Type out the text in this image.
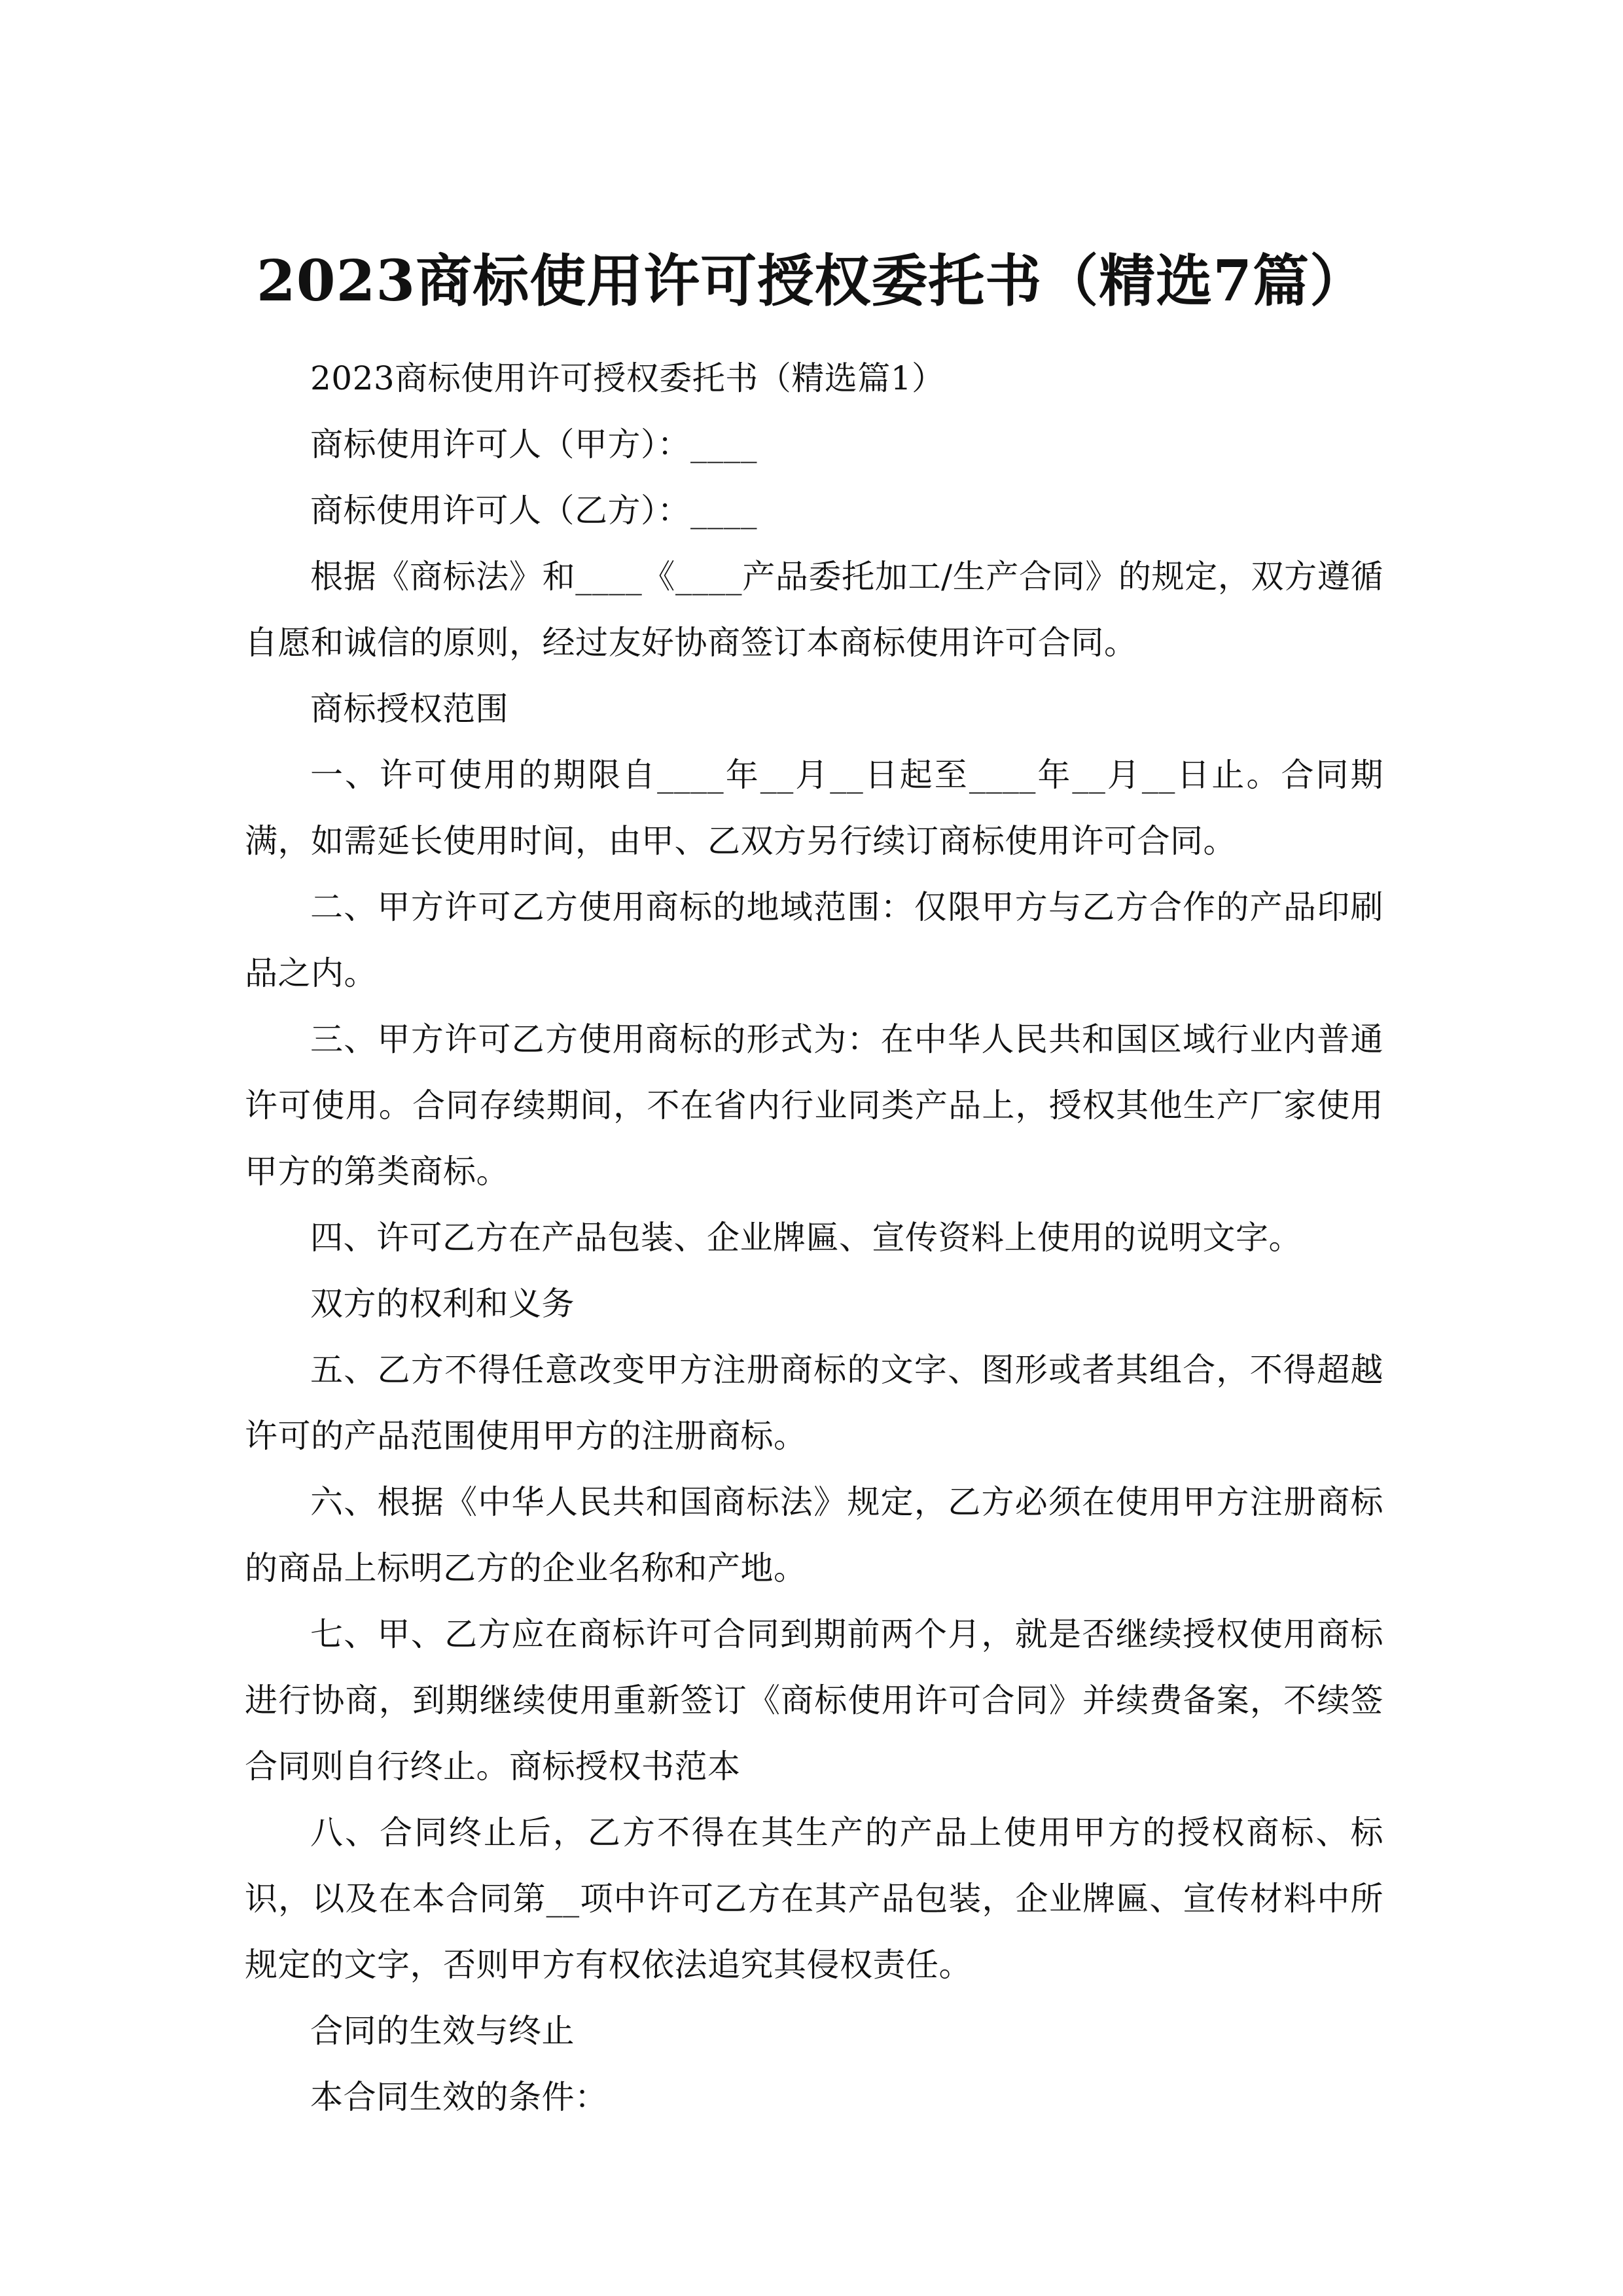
2023商标使用许可授权委托书（精选7篇）

2023商标使用许可授权委托书（精选篇1）

商标使用许可人（甲方）：____

商标使用许可人（乙方）：____

根据《商标法》和____《____产品委托加工/生产合同》的规定，双方遵循自愿和诚信的原则，经过友好协商签订本商标使用许可合同。

商标授权范围

一、许可使用的期限自____年__月__日起至____年__月__日止。合同期满，如需延长使用时间，由甲、乙双方另行续订商标使用许可合同。

二、甲方许可乙方使用商标的地域范围：仅限甲方与乙方合作的产品印刷品之内。

三、甲方许可乙方使用商标的形式为：在中华人民共和国区域行业内普通许可使用。合同存续期间，不在省内行业同类产品上，授权其他生产厂家使用甲方的第类商标。

四、许可乙方在产品包装、企业牌匾、宣传资料上使用的说明文字。

双方的权利和义务

五、乙方不得任意改变甲方注册商标的文字、图形或者其组合，不得超越许可的产品范围使用甲方的注册商标。

六、根据《中华人民共和国商标法》规定，乙方必须在使用甲方注册商标的商品上标明乙方的企业名称和产地。

七、甲、乙方应在商标许可合同到期前两个月，就是否继续授权使用商标进行协商，到期继续使用重新签订《商标使用许可合同》并续费备案，不续签合同则自行终止。商标授权书范本

八、合同终止后，乙方不得在其生产的产品上使用甲方的授权商标、标识，以及在本合同第__项中许可乙方在其产品包装，企业牌匾、宣传材料中所规定的文字，否则甲方有权依法追究其侵权责任。

合同的生效与终止

本合同生效的条件：
